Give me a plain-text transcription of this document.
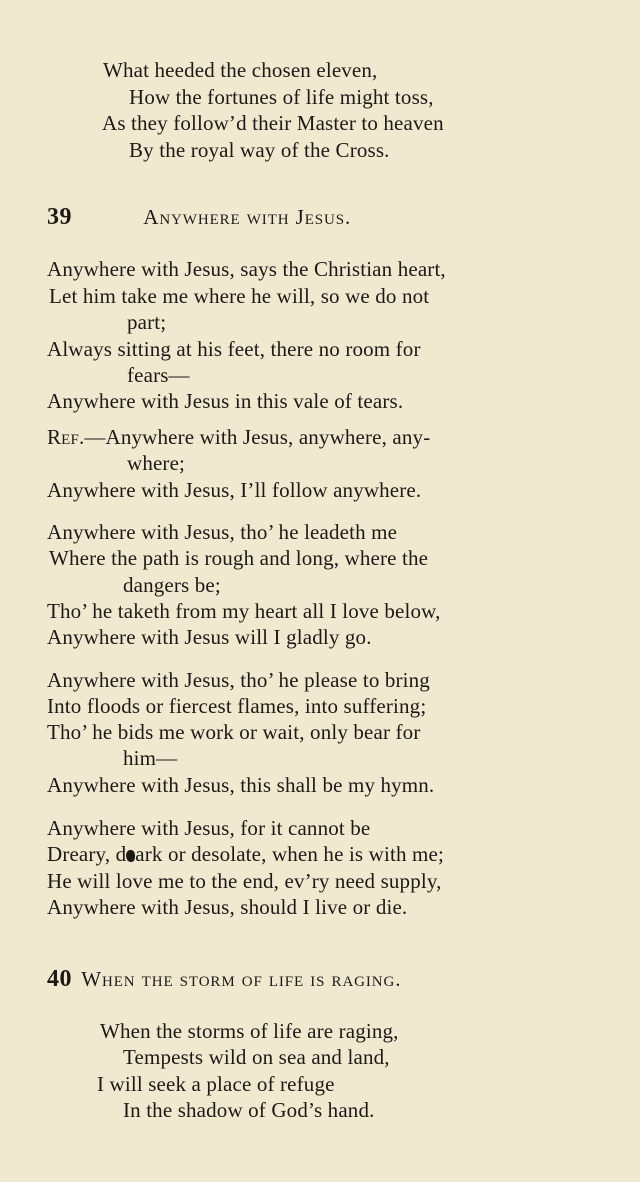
What heeded the chosen eleven,
How the fortunes of life might toss,
As they follow’d their Master to heaven
By the royal way of the Cross.
39	Anywhere with Jesus.
Anywhere with Jesus, says the Christian heart,
Let him take me where he will, so we do not
part;
Always sitting at his feet, there no room for
fears—
Anywhere with Jesus in this vale of tears.
Ref.—Anywhere with Jesus, anywhere, any-
where;
Anywhere with Jesus, I’ll follow anywhere.
Anywhere with Jesus, tho’ he leadeth me
Where the path is rough and long, where the
dangers be;
Tho’ he taketh from my heart all I love below,
Anywhere with Jesus will I gladly go.
Anywhere with Jesus, tho’ he please to bring
Into floods or fiercest flames, into suffering;
Tho’ he bids me work or wait, only bear for
him—
Anywhere with Jesus, this shall be my hymn.
Anywhere with Jesus, for it cannot be
Dreary, d ark or desolate, when he is with me;
He will love me to the end, ev’ry need supply,
Anywhere with Jesus, should I live or die.
40 When the storm of life is raging.
When the storms of life are raging,
Tempests wild on sea and land,
I will seek a place of refuge
In the shadow of God’s hand.
